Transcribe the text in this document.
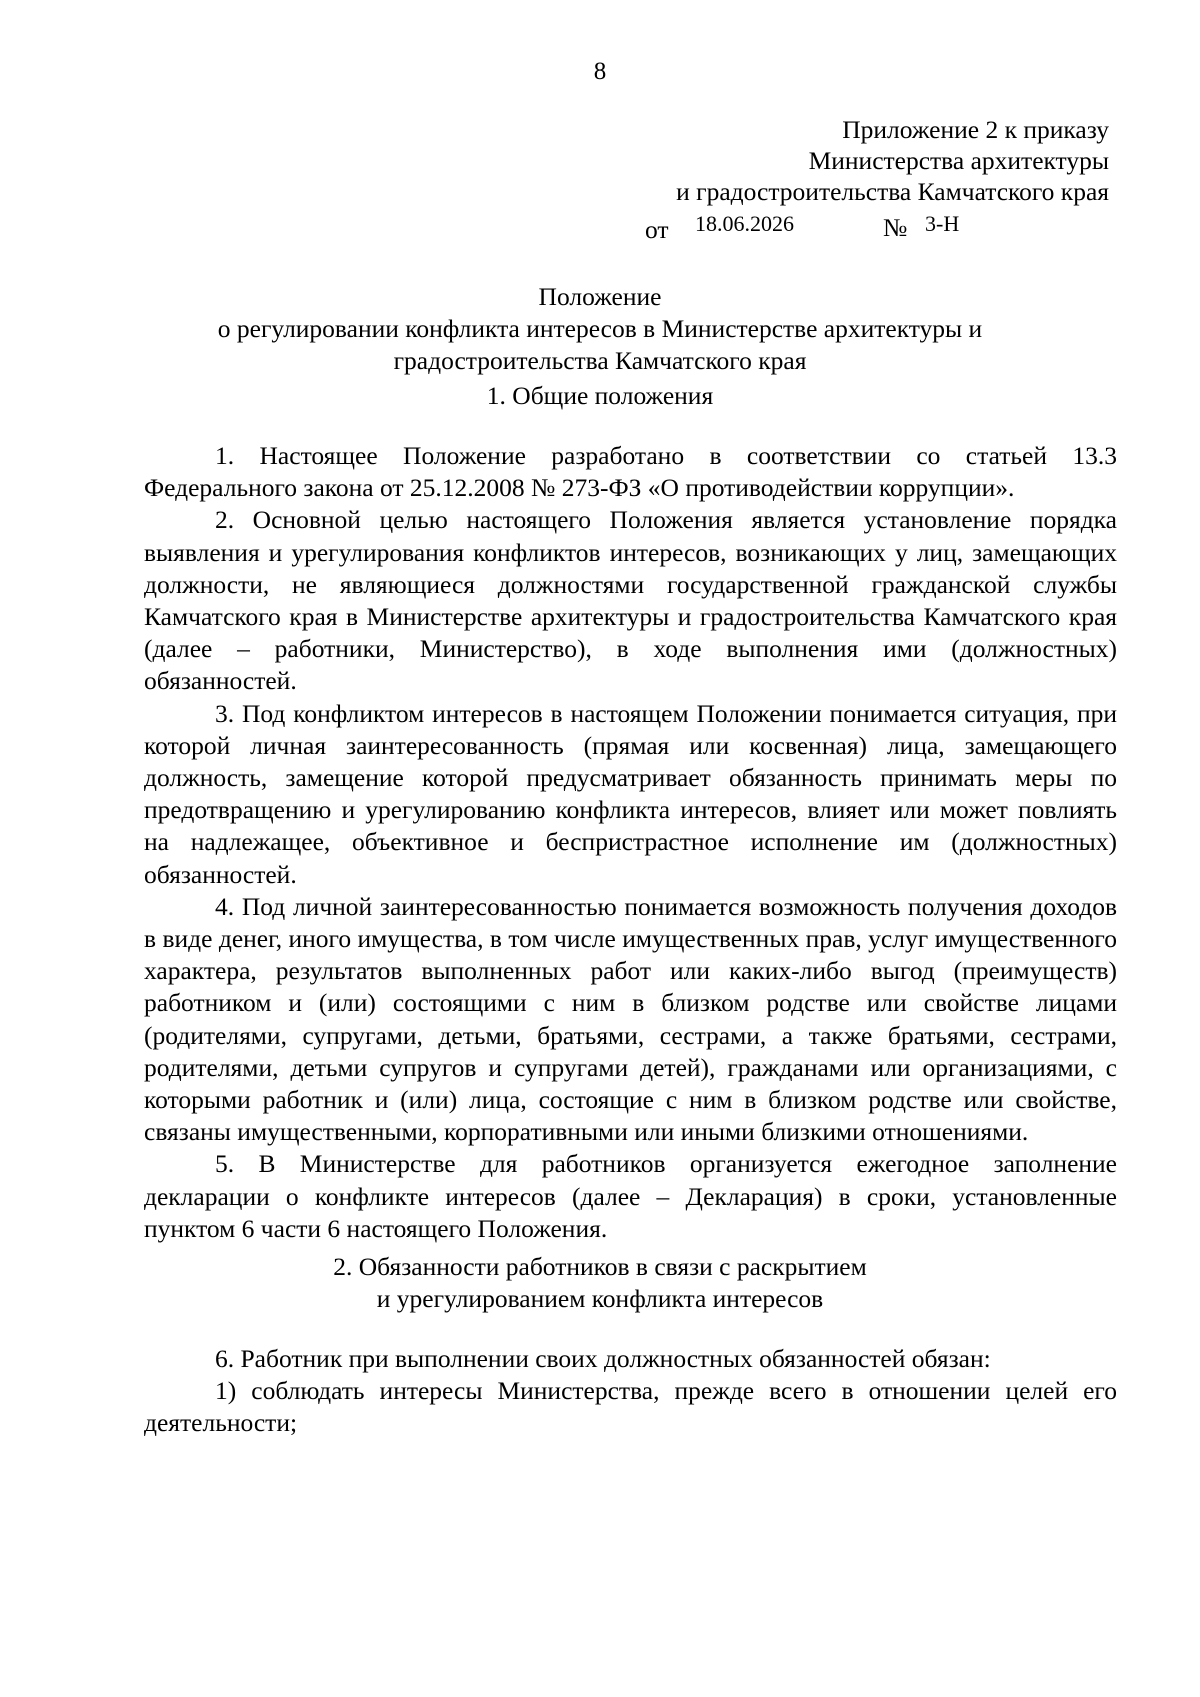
8
Приложение 2 к приказу
Министерства архитектуры
и градостроительства Камчатского края
от 18.06.2026	№ 3-Н
Положение
о регулировании конфликта интересов в Министерстве архитектуры и
градостроительства Камчатского края
1. Общие положения

1. Настоящее Положение разработано в соответствии со статьей 13.3 Федерального закона от 25.12.2008 № 273-ФЗ «О противодействии коррупции».

2. Основной целью настоящего Положения является установление порядка выявления и урегулирования конфликтов интересов, возникающих у лиц, замещающих должности, не являющиеся должностями государственной гражданской службы Камчатского края в Министерстве архитектуры и градостроительства Камчатского края (далее – работники, Министерство), в ходе выполнения ими (должностных) обязанностей.

3. Под конфликтом интересов в настоящем Положении понимается ситуация, при которой личная заинтересованность (прямая или косвенная) лица, замещающего должность, замещение которой предусматривает обязанность принимать меры по предотвращению и урегулированию конфликта интересов, влияет или может повлиять на надлежащее, объективное и беспристрастное исполнение им (должностных) обязанностей.

4. Под личной заинтересованностью понимается возможность получения доходов в виде денег, иного имущества, в том числе имущественных прав, услуг имущественного характера, результатов выполненных работ или каких-либо выгод (преимуществ) работником и (или) состоящими с ним в близком родстве или свойстве лицами (родителями, супругами, детьми, братьями, сестрами, а также братьями, сестрами, родителями, детьми супругов и супругами детей), гражданами или организациями, с которыми работник и (или) лица, состоящие с ним в близком родстве или свойстве, связаны имущественными, корпоративными или иными близкими отношениями.

5. В Министерстве для работников организуется ежегодное заполнение декларации о конфликте интересов (далее – Декларация) в сроки, установленные пунктом 6 части 6 настоящего Положения.

2. Обязанности работников в связи с раскрытием
и урегулированием конфликта интересов

6. Работник при выполнении своих должностных обязанностей обязан:

1) соблюдать интересы Министерства, прежде всего в отношении целей его деятельности;
